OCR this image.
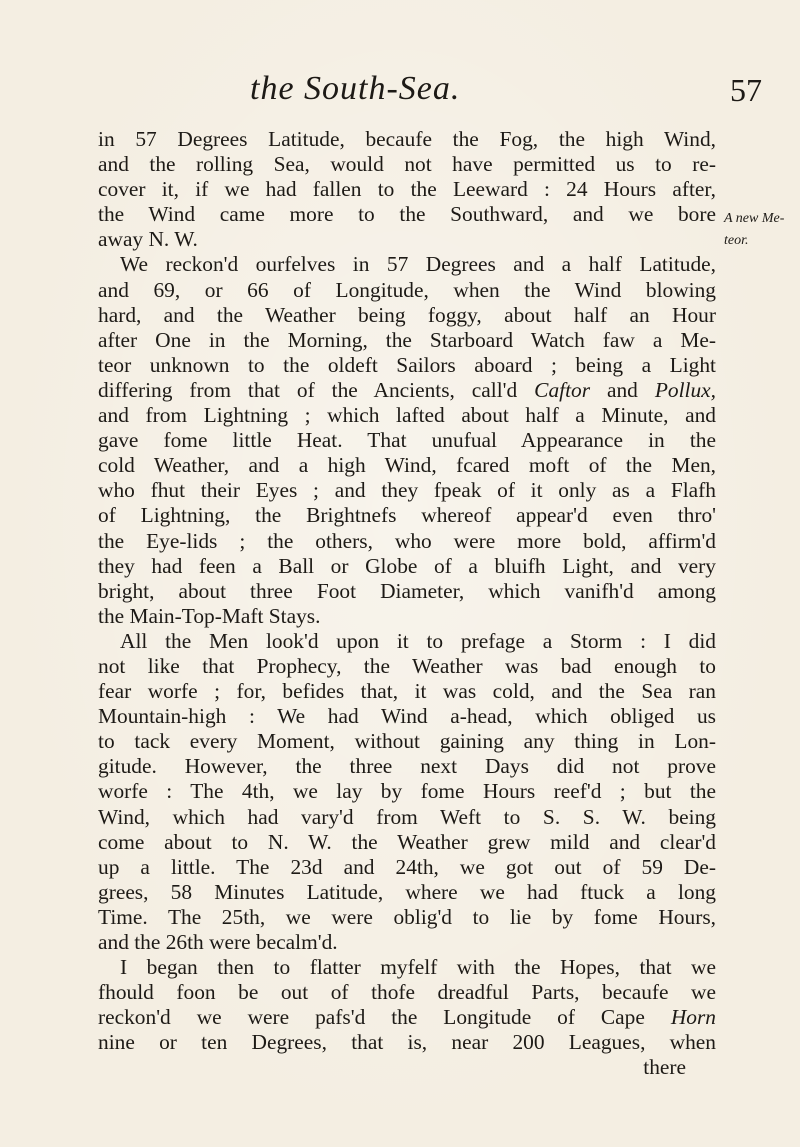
the South-Sea.	57
A new Me-
teor.
in 57 Degrees Latitude, becaufe the Fog, the high Wind,
and the rolling Sea, would not have permitted us to re-
cover it, if we had fallen to the Leeward : 24 Hours after,
the Wind came more to the Southward, and we bore
away N. W.
We reckon'd ourfelves in 57 Degrees and a half Latitude,
and 69, or 66 of Longitude, when the Wind blowing
hard, and the Weather being foggy, about half an Hour
after One in the Morning, the Starboard Watch faw a Me-
teor unknown to the oldeft Sailors aboard ; being a Light
differing from that of the Ancients, call'd Caftor and Pollux,
and from Lightning ; which lafted about half a Minute, and
gave fome little Heat. That unufual Appearance in the
cold Weather, and a high Wind, fcared moft of the Men,
who fhut their Eyes ; and they fpeak of it only as a Flafh
of Lightning, the Brightnefs whereof appear'd even thro'
the Eye-lids ; the others, who were more bold, affirm'd
they had feen a Ball or Globe of a bluifh Light, and very
bright, about three Foot Diameter, which vanifh'd among
the Main-Top-Maft Stays.
All the Men look'd upon it to prefage a Storm : I did
not like that Prophecy, the Weather was bad enough to
fear worfe ; for, befides that, it was cold, and the Sea ran
Mountain-high : We had Wind a-head, which obliged us
to tack every Moment, without gaining any thing in Lon-
gitude. However, the three next Days did not prove
worfe : The 4th, we lay by fome Hours reef'd ; but the
Wind, which had vary'd from Weft to S. S. W. being
come about to N. W. the Weather grew mild and clear'd
up a little. The 23d and 24th, we got out of 59 De-
grees, 58 Minutes Latitude, where we had ftuck a long
Time. The 25th, we were oblig'd to lie by fome Hours,
and the 26th were becalm'd.
I began then to flatter myfelf with the Hopes, that we
fhould foon be out of thofe dreadful Parts, becaufe we
reckon'd we were pafs'd the Longitude of Cape Horn
nine or ten Degrees, that is, near 200 Leagues, when
there
